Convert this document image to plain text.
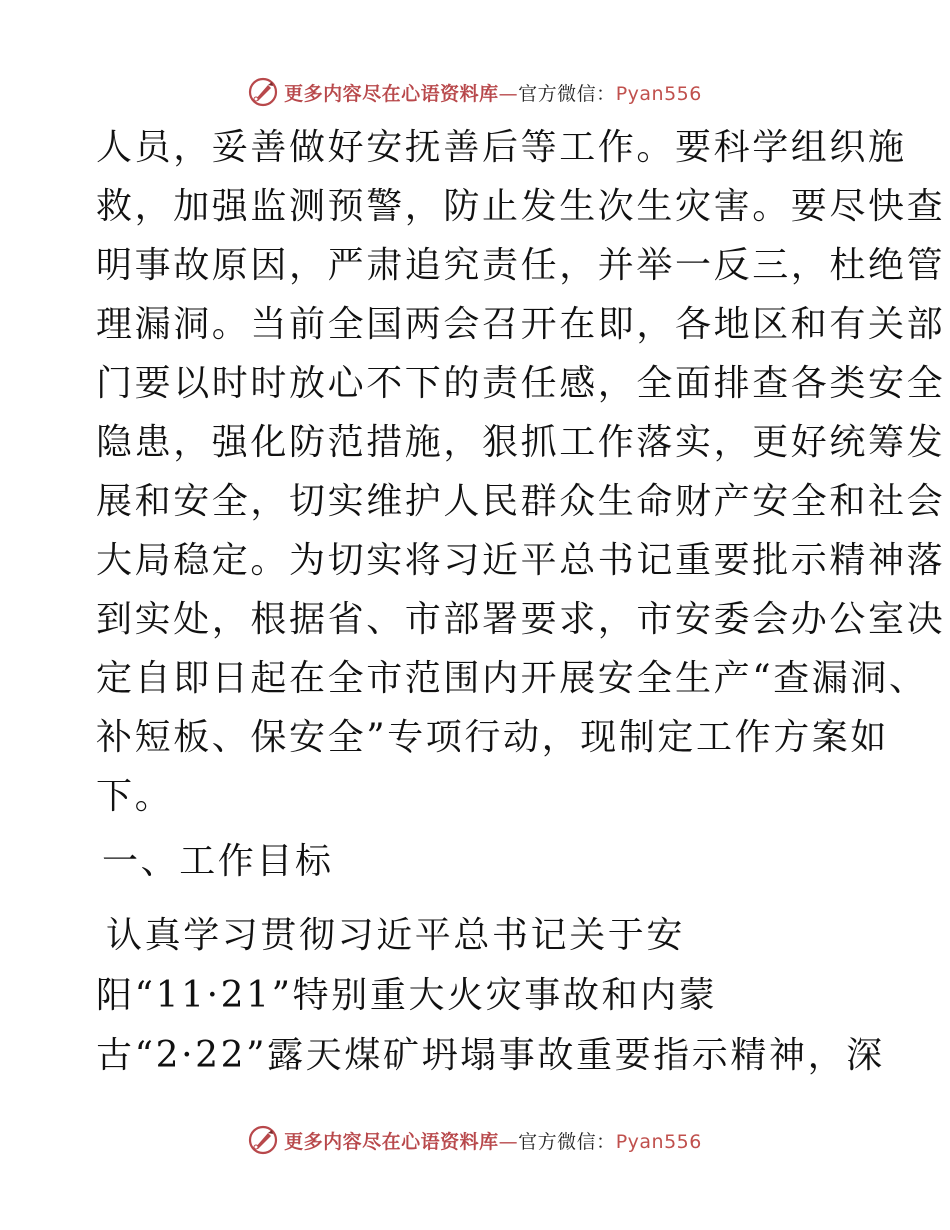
更多内容尽在心语资料库—官方微信：Pyan556
人员，妥善做好安抚善后等工作。要科学组织施
救，加强监测预警，防止发生次生灾害。要尽快查
明事故原因，严肃追究责任，并举一反三，杜绝管
理漏洞。当前全国两会召开在即，各地区和有关部
门要以时时放心不下的责任感，全面排查各类安全
隐患，强化防范措施，狠抓工作落实，更好统筹发
展和安全，切实维护人民群众生命财产安全和社会
大局稳定。为切实将习近平总书记重要批示精神落
到实处，根据省、市部署要求，市安委会办公室决
定自即日起在全市范围内开展安全生产“查漏洞、
补短板、保安全”专项行动，现制定工作方案如
下。
一、工作目标
认真学习贯彻习近平总书记关于安
阳“11·21”特别重大火灾事故和内蒙
古“2·22”露天煤矿坍塌事故重要指示精神，深
更多内容尽在心语资料库—官方微信：Pyan556
